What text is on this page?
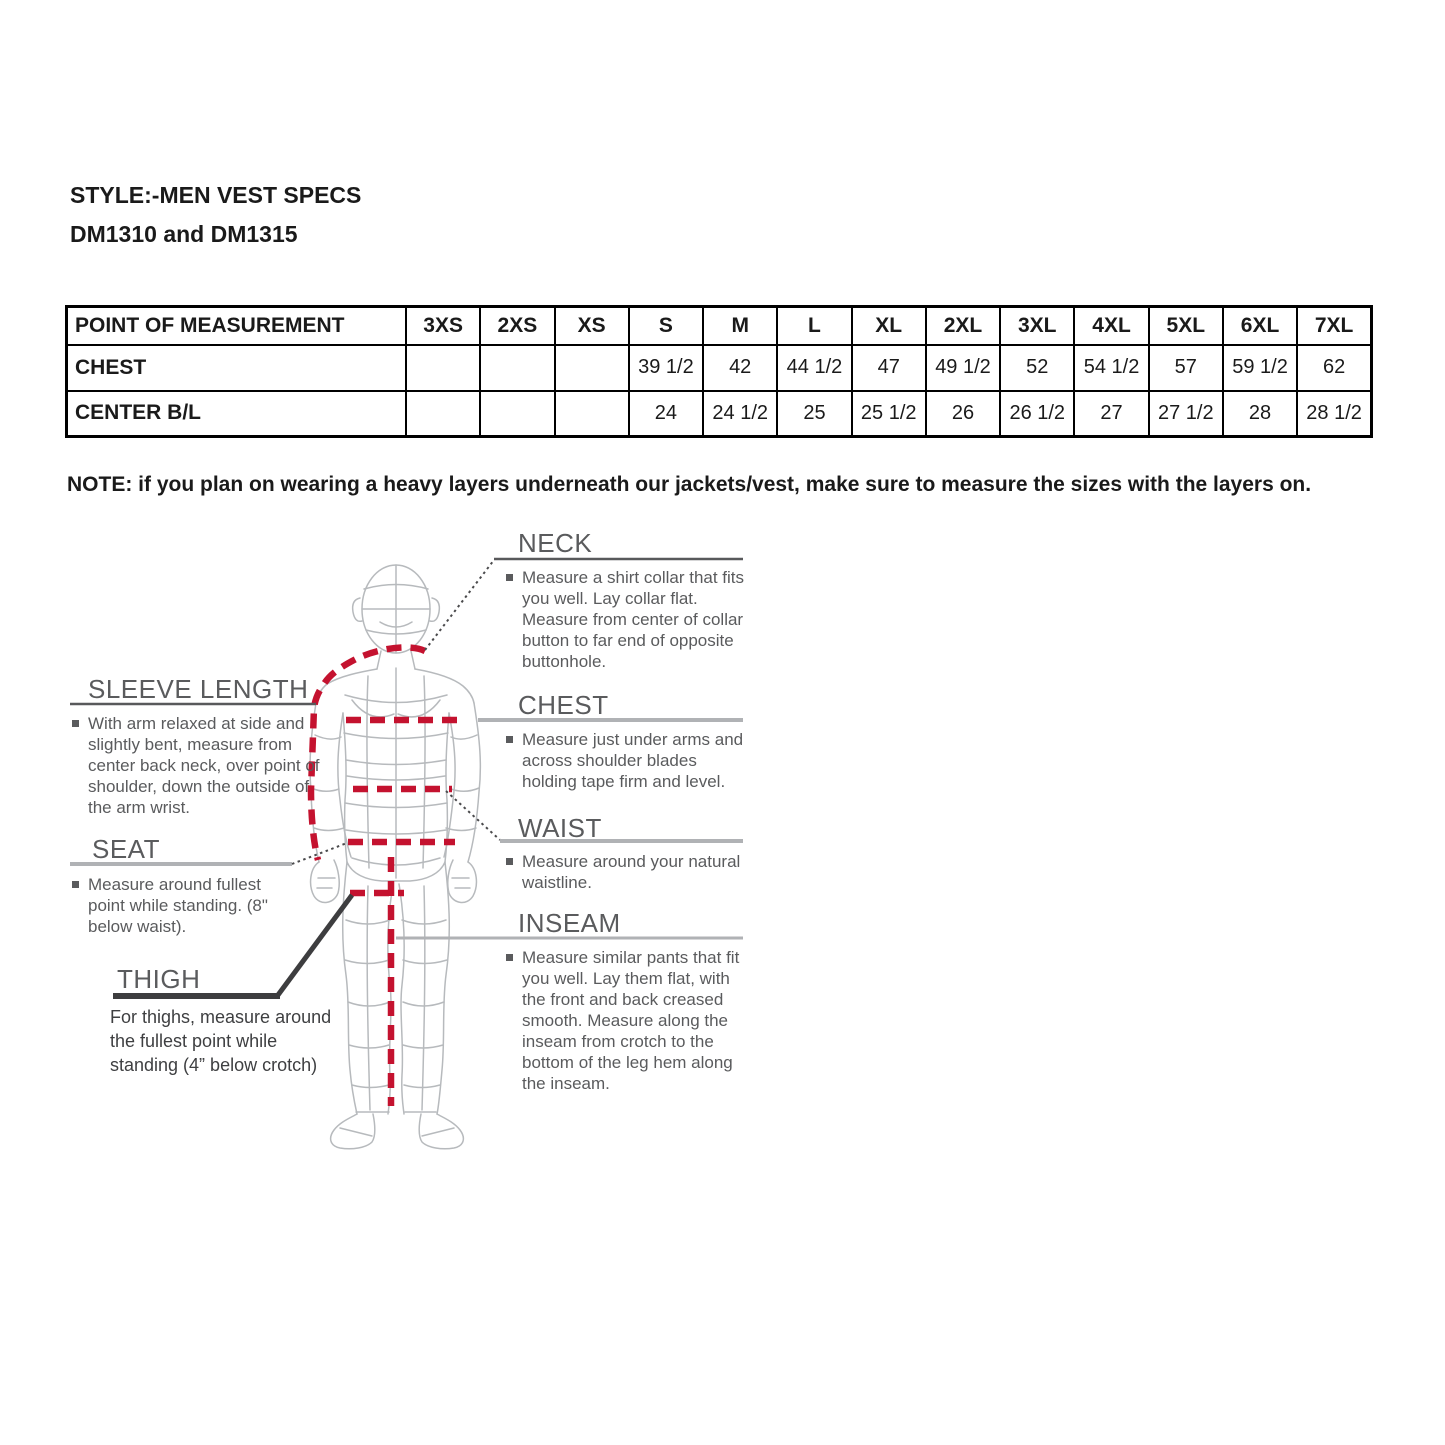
STYLE:-MEN VEST SPECS
DM1310 and DM1315
POINT OF MEASUREMENT	3XS	2XS	XS	S	M	L	XL	2XL	3XL	4XL	5XL	6XL	7XL
CHEST				39 1/2	42	44 1/2	47	49 1/2	52	54 1/2	57	59 1/2	62
CENTER B/L				24	24 1/2	25	25 1/2	26	26 1/2	27	27 1/2	28	28 1/2
NOTE: if you plan on wearing a heavy layers underneath our jackets/vest, make sure to measure the sizes with the layers on.
NECK

Measure a shirt collar that fits you well. Lay collar flat. Measure from center of collar button to far end of opposite buttonhole.

CHEST

Measure just under arms and across shoulder blades holding tape firm and level.

WAIST

Measure around your natural waistline.

INSEAM

Measure similar pants that fit you well. Lay them flat, with the front and back creased smooth. Measure along the inseam from crotch to the bottom of the leg hem along the inseam.

SLEEVE LENGTH

With arm relaxed at side and slightly bent, measure from center back neck, over point of shoulder, down the outside of the arm wrist.

SEAT

Measure around fullest point while standing. (8" below waist).

THIGH
For thighs, measure around the fullest point while standing (4” below crotch)
